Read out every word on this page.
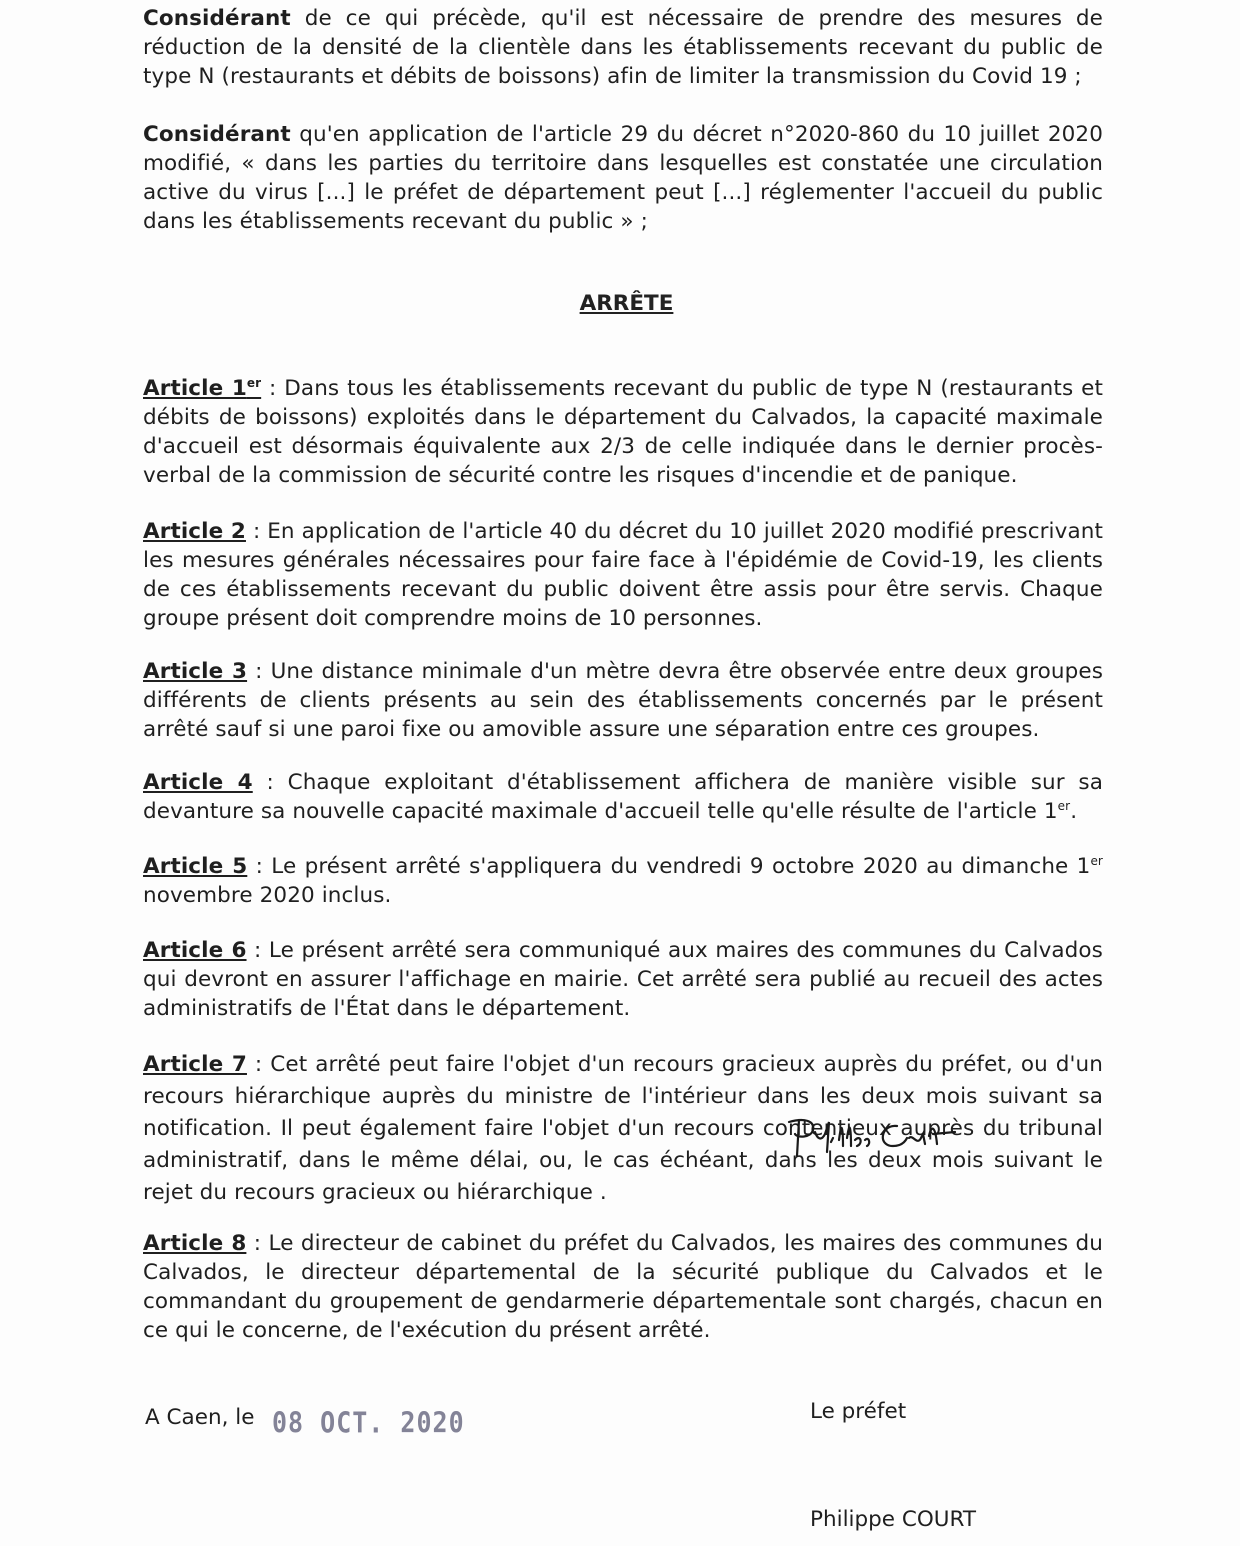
Considérant de ce qui précède, qu'il est nécessaire de prendre des mesures de réduction de la densité de la clientèle dans les établissements recevant du public de type N (restaurants et débits de boissons) afin de limiter la transmission du Covid 19 ;
Considérant qu'en application de l'article 29 du décret n°2020-860 du 10 juillet 2020 modifié, « dans les parties du territoire dans lesquelles est constatée une circulation active du virus [...] le préfet de département peut [...] réglementer l'accueil du public dans les établissements recevant du public » ;
ARRÊTE
Article 1er : Dans tous les établissements recevant du public de type N (restaurants et débits de boissons) exploités dans le département du Calvados, la capacité maximale d'accueil est désormais équivalente aux 2/3 de celle indiquée dans le dernier procès-verbal de la commission de sécurité contre les risques d'incendie et de panique.
Article 2 : En application de l'article 40 du décret du 10 juillet 2020 modifié prescrivant les mesures générales nécessaires pour faire face à l'épidémie de Covid-19, les clients de ces établissements recevant du public doivent être assis pour être servis. Chaque groupe présent doit comprendre moins de 10 personnes.
Article 3 : Une distance minimale d'un mètre devra être observée entre deux groupes différents de clients présents au sein des établissements concernés par le présent arrêté sauf si une paroi fixe ou amovible assure une séparation entre ces groupes.
Article 4 : Chaque exploitant d'établissement affichera de manière visible sur sa devanture sa nouvelle capacité maximale d'accueil telle qu'elle résulte de l'article 1er.
Article 5 : Le présent arrêté s'appliquera du vendredi 9 octobre 2020 au dimanche 1er novembre 2020 inclus.
Article 6 : Le présent arrêté sera communiqué aux maires des communes du Calvados qui devront en assurer l'affichage en mairie. Cet arrêté sera publié au recueil des actes administratifs de l'État dans le département.
Article 7 : Cet arrêté peut faire l'objet d'un recours gracieux auprès du préfet, ou d'un recours hiérarchique auprès du ministre de l'intérieur dans les deux mois suivant sa notification. Il peut également faire l'objet d'un recours contentieux auprès du tribunal administratif, dans le même délai, ou, le cas échéant, dans les deux mois suivant le rejet du recours gracieux ou hiérarchique .
Article 8 : Le directeur de cabinet du préfet du Calvados, les maires des communes du Calvados, le directeur départemental de la sécurité publique du Calvados et le commandant du groupement de gendarmerie départementale sont chargés, chacun en ce qui le concerne, de l'exécution du présent arrêté.
A Caen, le 08 OCT. 2020	Le préfet
Philippe COURT
